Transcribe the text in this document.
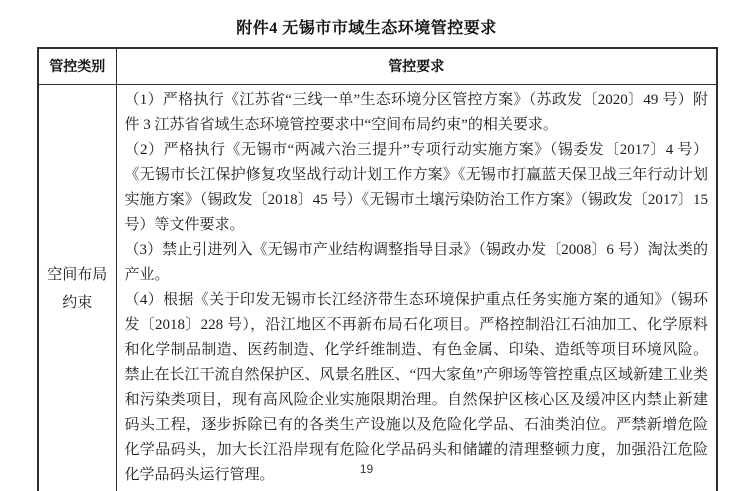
附件4 无锡市市域生态环境管控要求
管控类别	管控要求
空间布局约束	（1）严格执行《江苏省“三线一单”生态环境分区管控方案》（苏政发〔2020〕49 号）附件 3 江苏省省域生态环境管控要求中“空间布局约束”的相关要求。

（2）严格执行《无锡市“两减六治三提升”专项行动实施方案》（锡委发〔2017〕4 号）《无锡市长江保护修复攻坚战行动计划工作方案》《无锡市打赢蓝天保卫战三年行动计划实施方案》（锡政发〔2018〕45 号）《无锡市土壤污染防治工作方案》（锡政发〔2017〕15 号）等文件要求。

（3）禁止引进列入《无锡市产业结构调整指导目录》（锡政办发〔2008〕6 号）淘汰类的产业。

（4）根据《关于印发无锡市长江经济带生态环境保护重点任务实施方案的通知》（锡环发〔2018〕228 号），沿江地区不再新布局石化项目。严格控制沿江石油加工、化学原料和化学制品制造、医药制造、化学纤维制造、有色金属、印染、造纸等项目环境风险。禁止在长江干流自然保护区、风景名胜区、“四大家鱼”产卵场等管控重点区域新建工业类和污染类项目，现有高风险企业实施限期治理。自然保护区核心区及缓冲区内禁止新建码头工程，逐步拆除已有的各类生产设施以及危险化学品、石油类泊位。严禁新增危险化学品码头，加大长江沿岸现有危险化学品码头和储罐的清理整顿力度，加强沿江危险化学品码头运行管理。	19
